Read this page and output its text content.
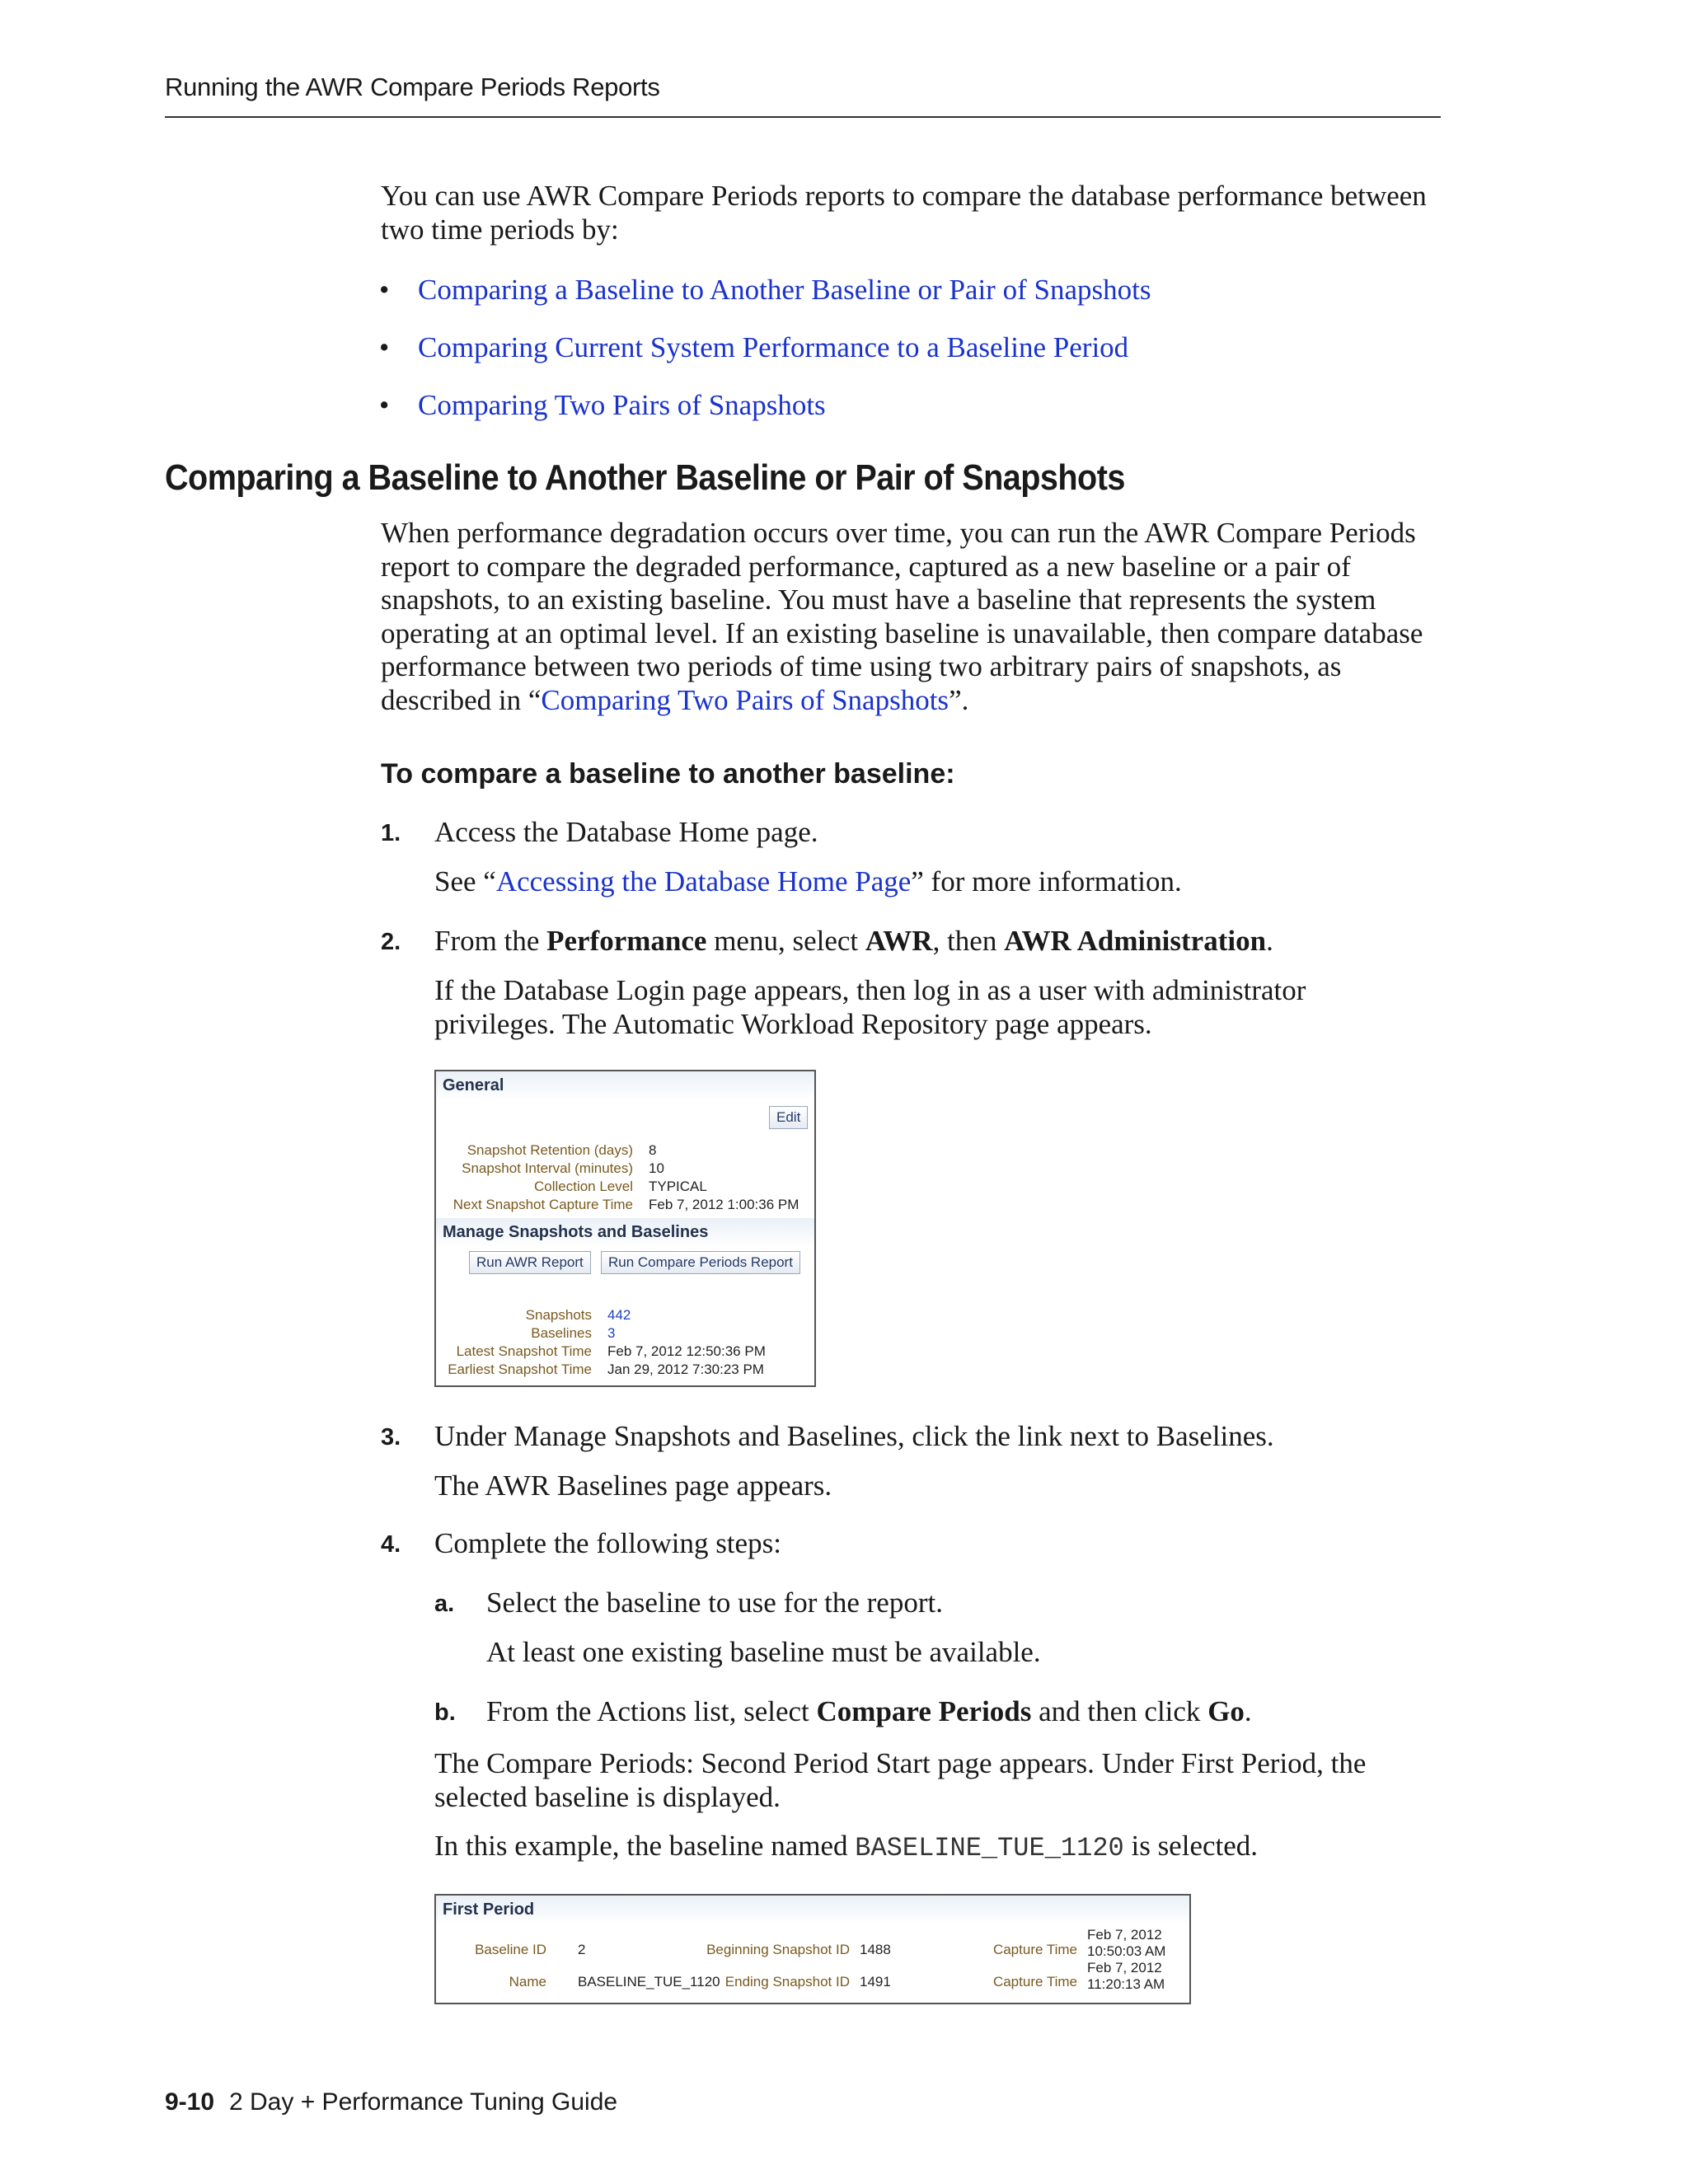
Running the AWR Compare Periods Reports
You can use AWR Compare Periods reports to compare the database performance between two time periods by:
• Comparing a Baseline to Another Baseline or Pair of Snapshots
• Comparing Current System Performance to a Baseline Period
• Comparing Two Pairs of Snapshots
Comparing a Baseline to Another Baseline or Pair of Snapshots
When performance degradation occurs over time, you can run the AWR Compare Periods report to compare the degraded performance, captured as a new baseline or a pair of snapshots, to an existing baseline. You must have a baseline that represents the system operating at an optimal level. If an existing baseline is unavailable, then compare database performance between two periods of time using two arbitrary pairs of snapshots, as described in “Comparing Two Pairs of Snapshots”.
To compare a baseline to another baseline:
1. Access the Database Home page.
See “Accessing the Database Home Page” for more information.
2. From the Performance menu, select AWR, then AWR Administration.
If the Database Login page appears, then log in as a user with administrator privileges. The Automatic Workload Repository page appears.
General
Edit
Snapshot Retention (days) 8
Snapshot Interval (minutes) 10
Collection Level TYPICAL
Next Snapshot Capture Time Feb 7, 2012 1:00:36 PM
Manage Snapshots and Baselines
Run AWR Report	Run Compare Periods Report
Snapshots 442
Baselines 3
Latest Snapshot Time Feb 7, 2012 12:50:36 PM
Earliest Snapshot Time Jan 29, 2012 7:30:23 PM
3. Under Manage Snapshots and Baselines, click the link next to Baselines.
The AWR Baselines page appears.
4. Complete the following steps:
a. Select the baseline to use for the report.
At least one existing baseline must be available.
b. From the Actions list, select Compare Periods and then click Go.
The Compare Periods: Second Period Start page appears. Under First Period, the selected baseline is displayed.
In this example, the baseline named BASELINE_TUE_1120 is selected.
First Period
Baseline ID 2
Name BASELINE_TUE_1120
Beginning Snapshot ID 1488
Ending Snapshot ID 1491
Capture Time
Feb 7, 2012
10:50:03 AM
Capture Time
Feb 7, 2012
11:20:13 AM
9-10 2 Day + Performance Tuning Guide
